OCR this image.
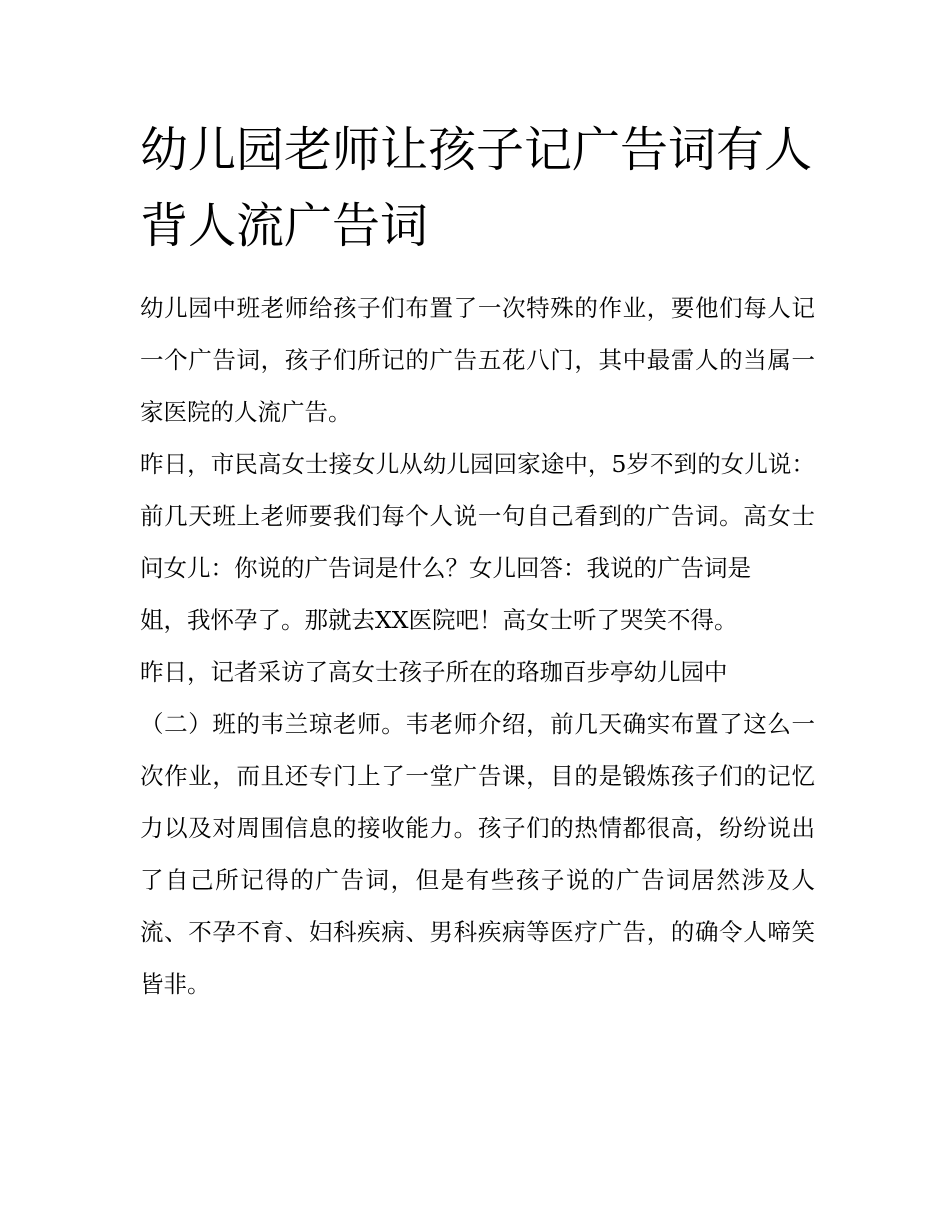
幼儿园老师让孩子记广告词有人背人流广告词

幼儿园中班老师给孩子们布置了一次特殊的作业，要他们每人记一个广告词，孩子们所记的广告五花八门，其中最雷人的当属一家医院的人流广告。

昨日，市民高女士接女儿从幼儿园回家途中，5岁不到的女儿说：前几天班上老师要我们每个人说一句自己看到的广告词。高女士问女儿：你说的广告词是什么？女儿回答：我说的广告词是

姐，我怀孕了。那就去XX医院吧！高女士听了哭笑不得。

昨日，记者采访了高女士孩子所在的珞珈百步亭幼儿园中

（二）班的韦兰琼老师。韦老师介绍，前几天确实布置了这么一次作业，而且还专门上了一堂广告课，目的是锻炼孩子们的记忆力以及对周围信息的接收能力。孩子们的热情都很高，纷纷说出了自己所记得的广告词，但是有些孩子说的广告词居然涉及人流、不孕不育、妇科疾病、男科疾病等医疗广告，的确令人啼笑皆非。
